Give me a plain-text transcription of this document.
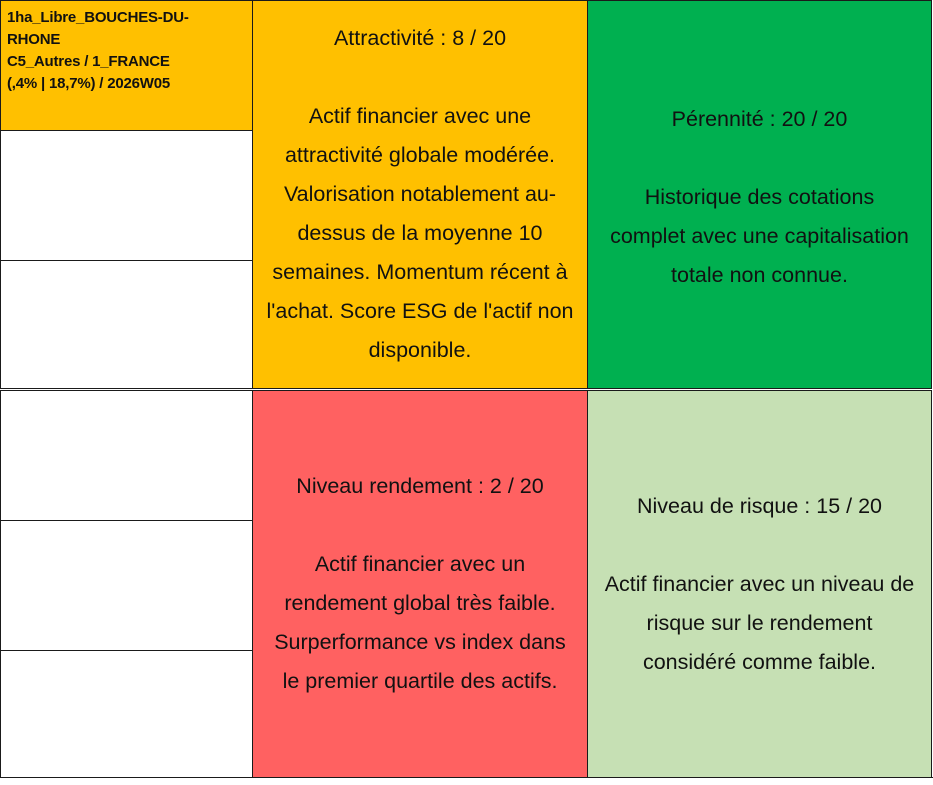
1ha_Libre_BOUCHES-DU-
RHONE
C5_Autres / 1_FRANCE
(,4% | 18,7%) / 2026W05
Attractivité : 8 / 20
Actif financier avec une
attractivité globale modérée.
Valorisation notablement au-
dessus de la moyenne 10
semaines. Momentum récent à
l'achat. Score ESG de l'actif non
disponible.
Pérennité : 20 / 20
Historique des cotations
complet avec une capitalisation
totale non connue.
Niveau rendement : 2 / 20
Actif financier avec un
rendement global très faible.
Surperformance vs index dans
le premier quartile des actifs.
Niveau de risque : 15 / 20
Actif financier avec un niveau de
risque sur le rendement
considéré comme faible.
